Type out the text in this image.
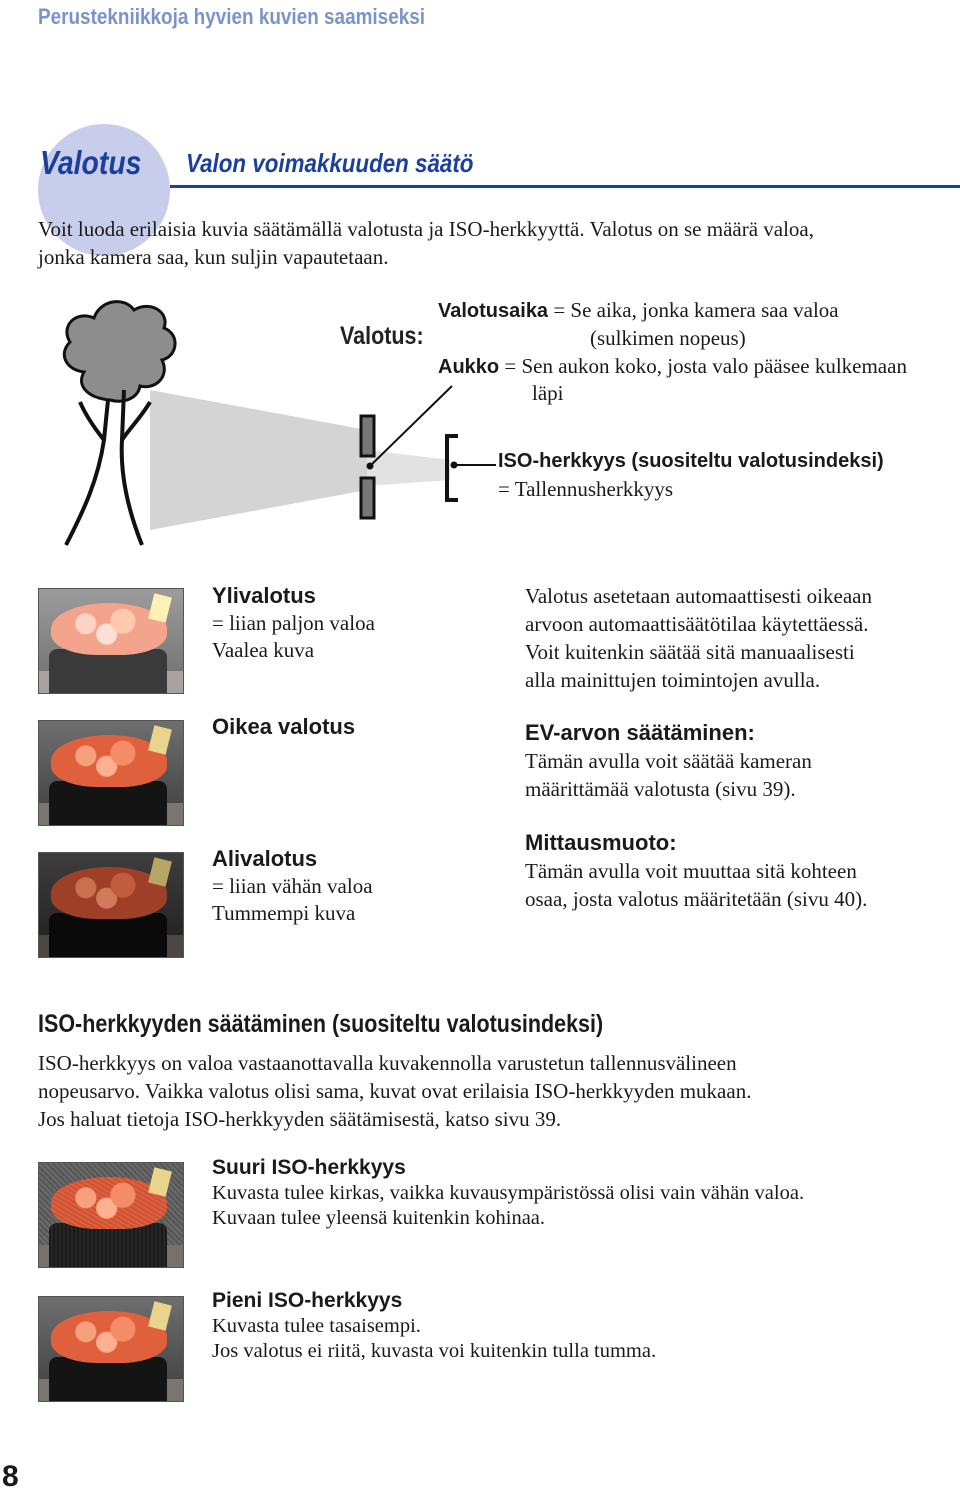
Perustekniikkoja hyvien kuvien saamiseksi
Valotus	Valon voimakkuuden säätö
Voit luoda erilaisia kuvia säätämällä valotusta ja ISO-herkkyyttä. Valotus on se määrä valoa,
jonka kamera saa, kun suljin vapautetaan.
Valotus:
Valotusaika = Se aika, jonka kamera saa valoa
(sulkimen nopeus)
Aukko = Sen aukon koko, josta valo pääsee kulkemaan
läpi
ISO-herkkyys (suositeltu valotusindeksi)
= Tallennusherkkyys
Ylivalotus
= liian paljon valoa
Vaalea kuva
Oikea valotus
Alivalotus
= liian vähän valoa
Tummempi kuva
Valotus asetetaan automaattisesti oikeaan
arvoon automaattisäätötilaa käytettäessä.
Voit kuitenkin säätää sitä manuaalisesti
alla mainittujen toimintojen avulla.
EV-arvon säätäminen:
Tämän avulla voit säätää kameran
määrittämää valotusta (sivu 39).
Mittausmuoto:
Tämän avulla voit muuttaa sitä kohteen
osaa, josta valotus määritetään (sivu 40).
ISO-herkkyyden säätäminen (suositeltu valotusindeksi)
ISO-herkkyys on valoa vastaanottavalla kuvakennolla varustetun tallennusvälineen
nopeusarvo. Vaikka valotus olisi sama, kuvat ovat erilaisia ISO-herkkyyden mukaan.
Jos haluat tietoja ISO-herkkyyden säätämisestä, katso sivu 39.
Suuri ISO-herkkyys
Kuvasta tulee kirkas, vaikka kuvausympäristössä olisi vain vähän valoa.
Kuvaan tulee yleensä kuitenkin kohinaa.
Pieni ISO-herkkyys
Kuvasta tulee tasaisempi.
Jos valotus ei riitä, kuvasta voi kuitenkin tulla tumma.
8
